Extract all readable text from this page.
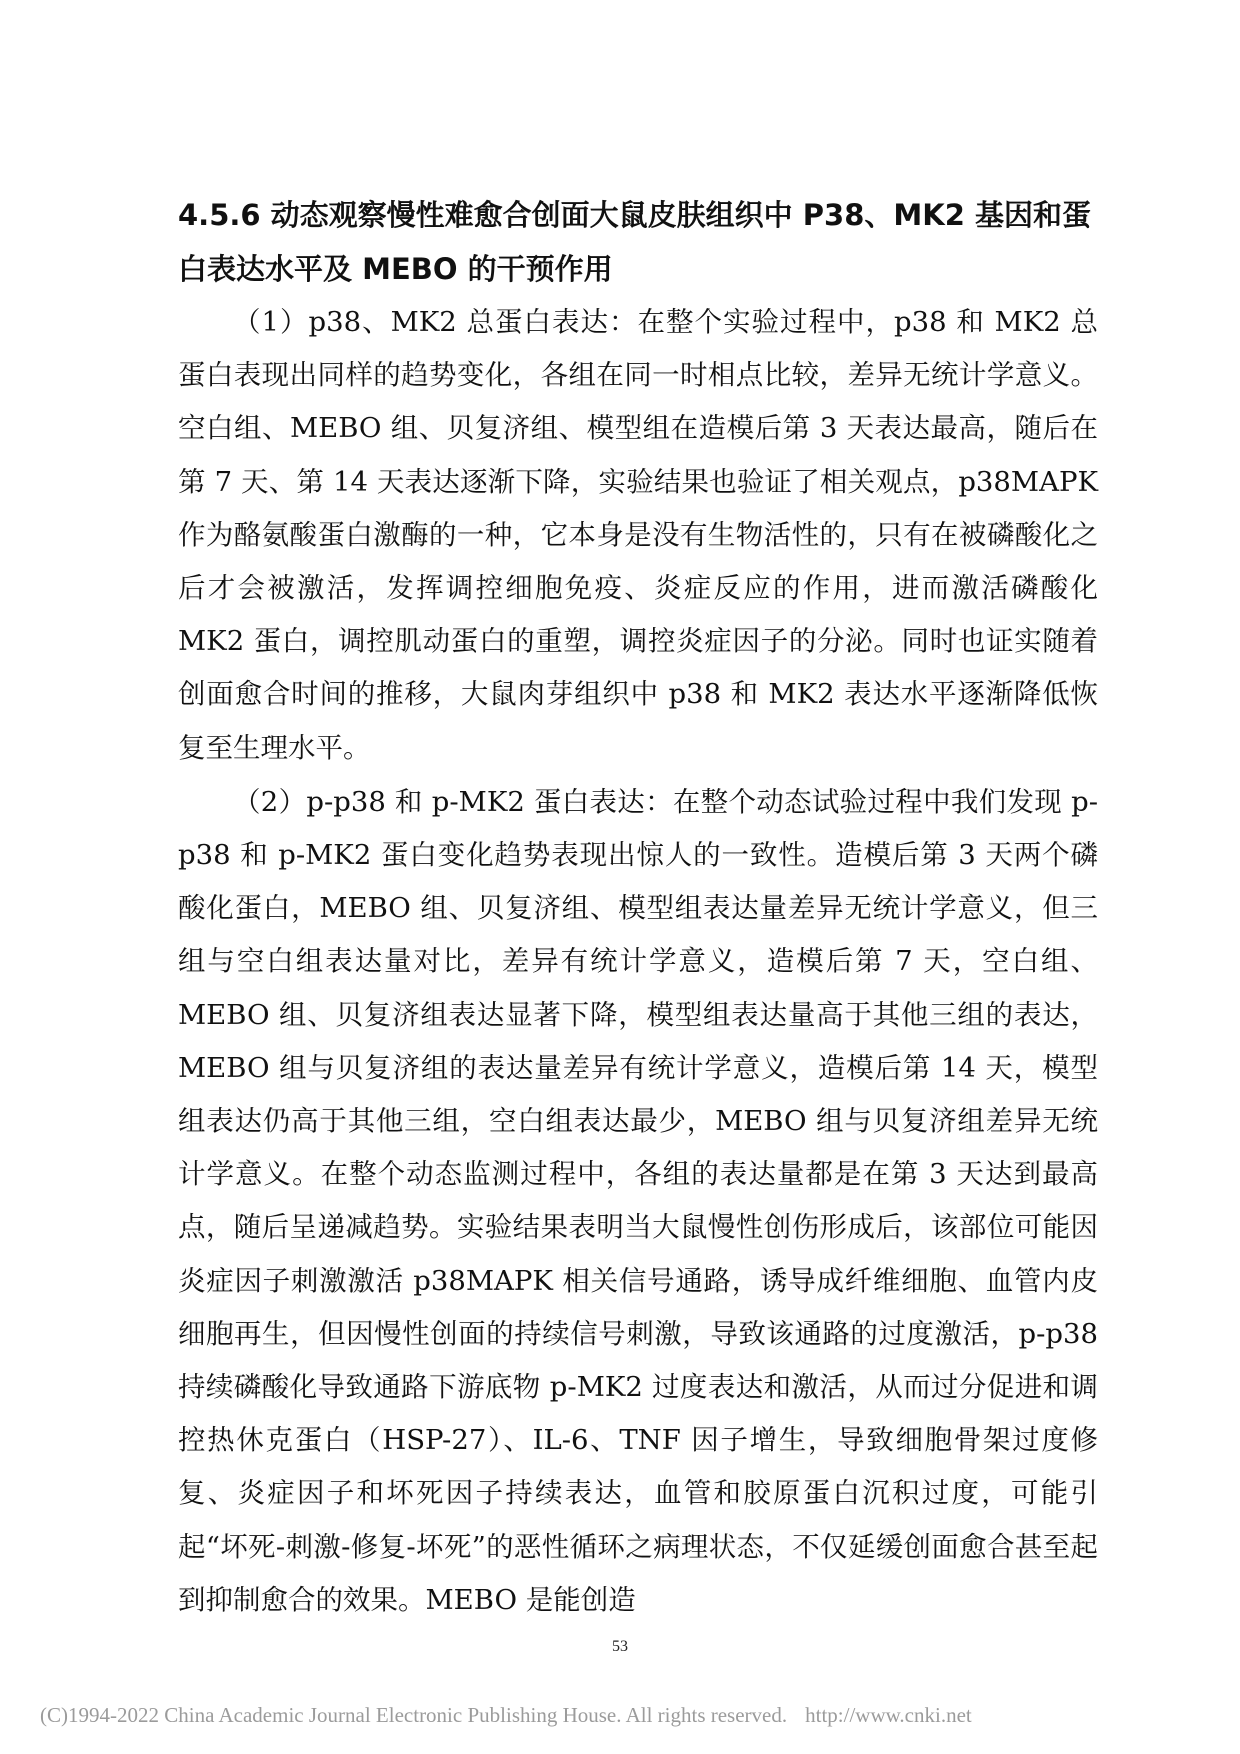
4.5.6 动态观察慢性难愈合创面大鼠皮肤组织中 P38、MK2 基因和蛋白表达水平及 MEBO 的干预作用

（1）p38、MK2 总蛋白表达：在整个实验过程中，p38 和 MK2 总蛋白表现出同样的趋势变化，各组在同一时相点比较，差异无统计学意义。空白组、MEBO 组、贝复济组、模型组在造模后第 3 天表达最高，随后在第 7 天、第 14 天表达逐渐下降，实验结果也验证了相关观点，p38MAPK 作为酪氨酸蛋白激酶的一种，它本身是没有生物活性的，只有在被磷酸化之后才会被激活，发挥调控细胞免疫、炎症反应的作用，进而激活磷酸化 MK2 蛋白，调控肌动蛋白的重塑，调控炎症因子的分泌。同时也证实随着创面愈合时间的推移，大鼠肉芽组织中 p38 和 MK2 表达水平逐渐降低恢复至生理水平。

（2）p-p38 和 p-MK2 蛋白表达：在整个动态试验过程中我们发现 p-p38 和 p-MK2 蛋白变化趋势表现出惊人的一致性。造模后第 3 天两个磷酸化蛋白，MEBO 组、贝复济组、模型组表达量差异无统计学意义，但三组与空白组表达量对比，差异有统计学意义，造模后第 7 天，空白组、MEBO 组、贝复济组表达显著下降，模型组表达量高于其他三组的表达，MEBO 组与贝复济组的表达量差异有统计学意义，造模后第 14 天，模型组表达仍高于其他三组，空白组表达最少，MEBO 组与贝复济组差异无统计学意义。在整个动态监测过程中，各组的表达量都是在第 3 天达到最高点，随后呈递减趋势。实验结果表明当大鼠慢性创伤形成后，该部位可能因炎症因子刺激激活 p38MAPK 相关信号通路，诱导成纤维细胞、血管内皮细胞再生，但因慢性创面的持续信号刺激，导致该通路的过度激活，p-p38 持续磷酸化导致通路下游底物 p-MK2 过度表达和激活，从而过分促进和调控热休克蛋白（HSP-27）、IL-6、TNF 因子增生，导致细胞骨架过度修复、炎症因子和坏死因子持续表达，血管和胶原蛋白沉积过度，可能引起“坏死-刺激-修复-坏死”的恶性循环之病理状态，不仅延缓创面愈合甚至起到抑制愈合的效果。MEBO 是能创造

53
(C)1994-2022 China Academic Journal Electronic Publishing House. All rights reserved. http://www.cnki.net
